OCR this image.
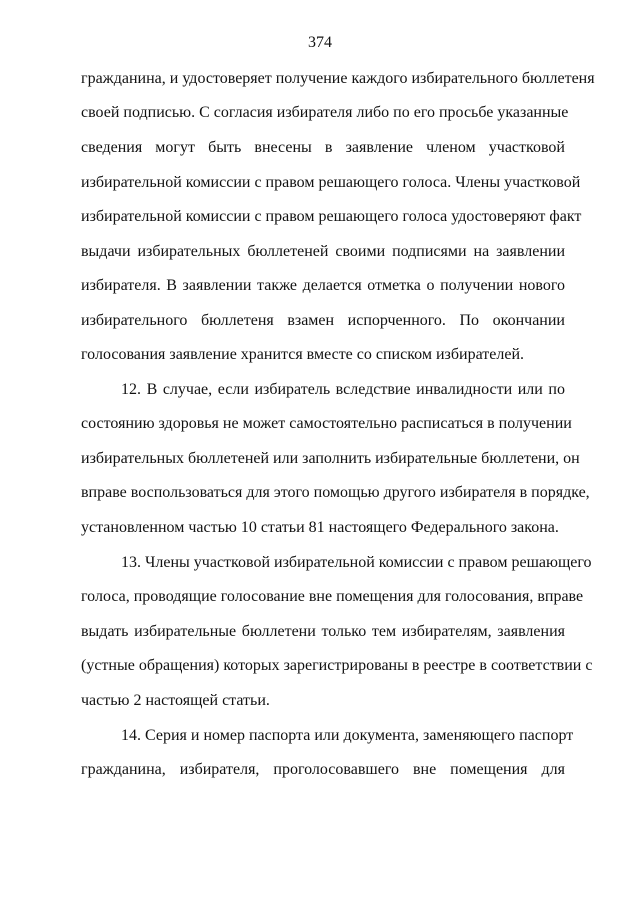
374
гражданина, и удостоверяет получение каждого избирательного бюллетеня
своей подписью. С согласия избирателя либо по его просьбе указанные
сведения могут быть внесены в заявление членом участковой
избирательной комиссии с правом решающего голоса. Члены участковой
избирательной комиссии с правом решающего голоса удостоверяют факт
выдачи избирательных бюллетеней своими подписями на заявлении
избирателя. В заявлении также делается отметка о получении нового
избирательного бюллетеня взамен испорченного. По окончании
голосования заявление хранится вместе со списком избирателей.
12. В случае, если избиратель вследствие инвалидности или по
состоянию здоровья не может самостоятельно расписаться в получении
избирательных бюллетеней или заполнить избирательные бюллетени, он
вправе воспользоваться для этого помощью другого избирателя в порядке,
установленном частью 10 статьи 81 настоящего Федерального закона.
13. Члены участковой избирательной комиссии с правом решающего
голоса, проводящие голосование вне помещения для голосования, вправе
выдать избирательные бюллетени только тем избирателям, заявления
(устные обращения) которых зарегистрированы в реестре в соответствии с
частью 2 настоящей статьи.
14. Серия и номер паспорта или документа, заменяющего паспорт
гражданина, избирателя, проголосовавшего вне помещения для
